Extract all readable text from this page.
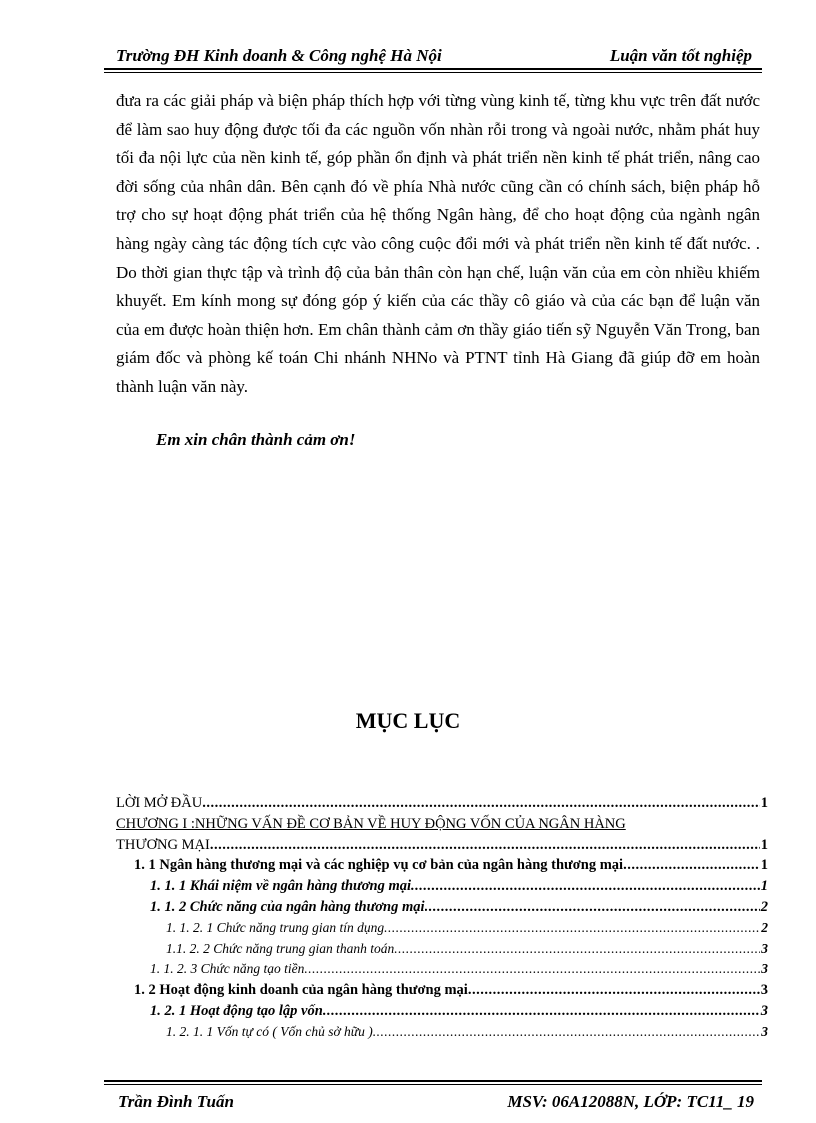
Trường ĐH Kinh doanh & Công nghệ Hà Nội	Luận văn tốt nghiệp
đưa ra các giải pháp và biện pháp thích hợp với từng vùng kinh tế, từng khu vực trên đất nước để làm sao huy động được tối đa các nguồn vốn nhàn rỗi trong và ngoài nước, nhằm phát huy tối đa nội lực của nền kinh tế, góp phần ổn định và phát triển nền kinh tế phát triển, nâng cao đời sống của nhân dân. Bên cạnh đó về phía Nhà nước cũng cần có chính sách, biện pháp hỗ trợ cho sự hoạt động phát triển của hệ thống Ngân hàng, để cho hoạt động của ngành ngân hàng ngày càng tác động tích cực vào công cuộc đổi mới và phát triển nền kinh tế đất nước. . Do thời gian thực tập và trình độ của bản thân còn hạn chế, luận văn của em còn nhiều khiếm khuyết. Em kính mong sự đóng góp ý kiến của các thầy cô giáo và của các bạn để luận văn của em được hoàn thiện hơn. Em chân thành cảm ơn thầy giáo tiến sỹ Nguyễn Văn Trong, ban giám đốc và phòng kế toán Chi nhánh NHNo và PTNT tỉnh Hà Giang đã giúp đỡ em hoàn thành luận văn này.
Em xin chân thành cảm ơn!
MỤC LỤC
LỜI MỞ ĐẦU .....	1
CHƯƠNG I :NHỮNG VẤN ĐỀ CƠ BẢN VỀ HUY ĐỘNG VỐN CỦA NGÂN HÀNG
THƯƠNG MẠI .....	1
1. 1 Ngân hàng thương mại và các nghiệp vụ cơ bản của ngân hàng thương mại .....	1
1. 1. 1 Khái niệm về ngân hàng thương mại .....	1
1. 1. 2 Chức năng của ngân hàng thương mại .....	2
1. 1. 2. 1 Chức năng trung gian tín dụng .....	2
1.1. 2. 2 Chức năng trung gian thanh toán .....	3
1. 1. 2. 3 Chức năng tạo tiền .....	3
1. 2 Hoạt động kinh doanh của ngân hàng thương mại .....	3
1. 2. 1 Hoạt động tạo lập vốn .....	3
1. 2. 1. 1 Vốn tự có ( Vốn chủ sở hữu ) .....	3
Trần Đình Tuấn	MSV: 06A12088N, LỚP: TC11_ 19
